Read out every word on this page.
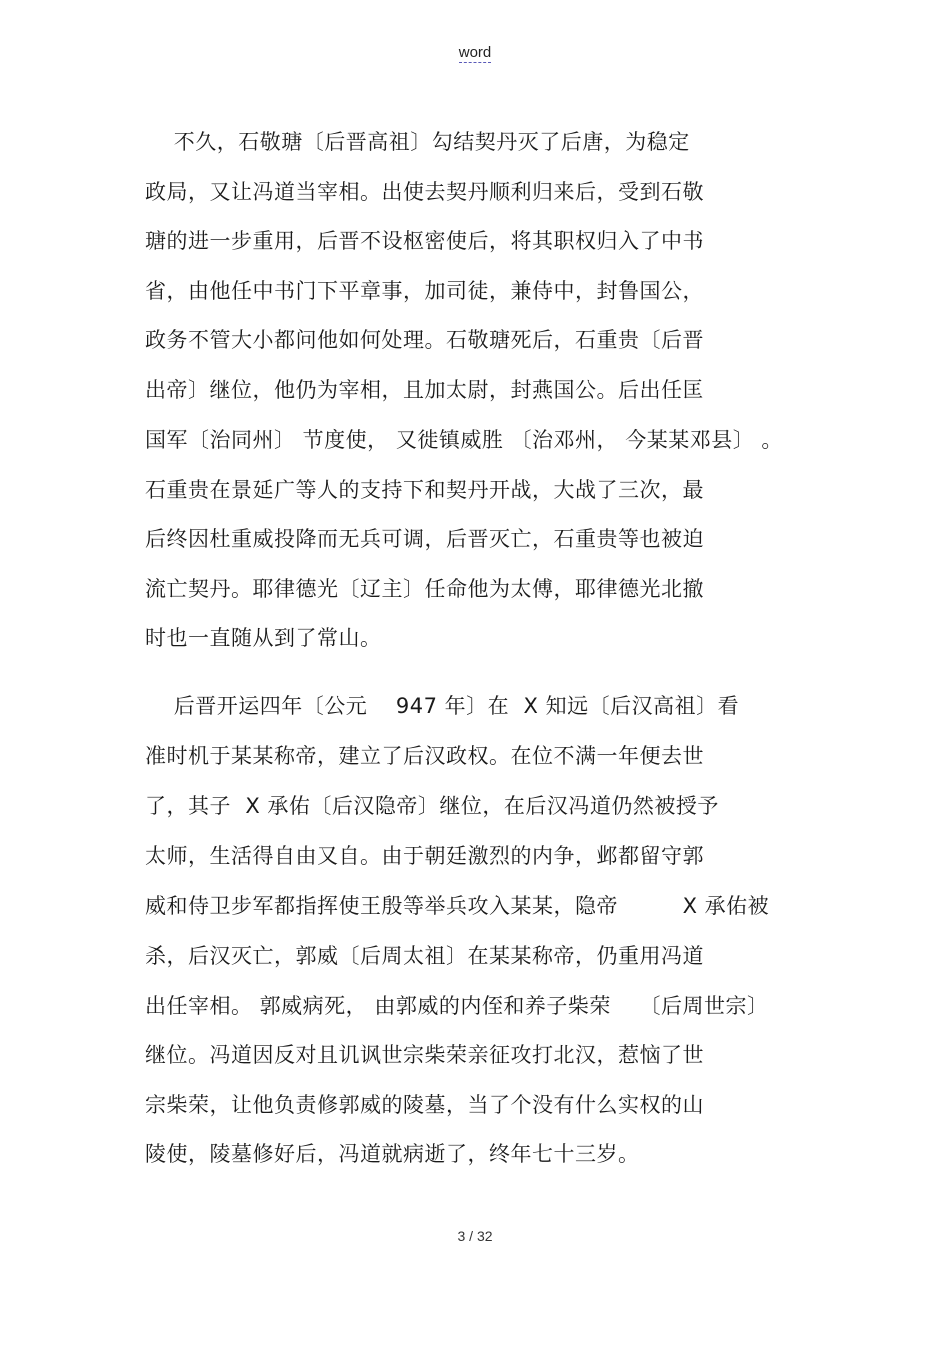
word
不久，石敬瑭〔后晋高祖〕勾结契丹灭了后唐，为稳定
政局，又让冯道当宰相。出使去契丹顺利归来后，受到石敬
瑭的进一步重用，后晋不设枢密使后，将其职权归入了中书
省，由他任中书门下平章事，加司徒，兼侍中，封鲁国公，
政务不管大小都问他如何处理。石敬瑭死后，石重贵〔后晋
出帝〕继位，他仍为宰相，且加太尉，封燕国公。后出任匡
国军〔治同州〕 节度使， 又徙镇威胜 〔治邓州， 今某某邓县〕 。
石重贵在景延广等人的支持下和契丹开战，大战了三次，最
后终因杜重威投降而无兵可调，后晋灭亡，石重贵等也被迫
流亡契丹。耶律德光〔辽主〕任命他为太傅，耶律德光北撤
时也一直随从到了常山。
后晋开运四年〔公元    947 年〕在  X 知远〔后汉高祖〕看
准时机于某某称帝，建立了后汉政权。在位不满一年便去世
了，其子  X 承佑〔后汉隐帝〕继位，在后汉冯道仍然被授予
太师，生活得自由又自。由于朝廷激烈的内争，邺都留守郭
威和侍卫步军都指挥使王殷等举兵攻入某某，隐帝         X 承佑被
杀，后汉灭亡，郭威〔后周太祖〕在某某称帝，仍重用冯道
出任宰相。 郭威病死， 由郭威的内侄和养子柴荣    〔后周世宗〕
继位。冯道因反对且讥讽世宗柴荣亲征攻打北汉，惹恼了世
宗柴荣，让他负责修郭威的陵墓，当了个没有什么实权的山
陵使，陵墓修好后，冯道就病逝了，终年七十三岁。
3 / 32
